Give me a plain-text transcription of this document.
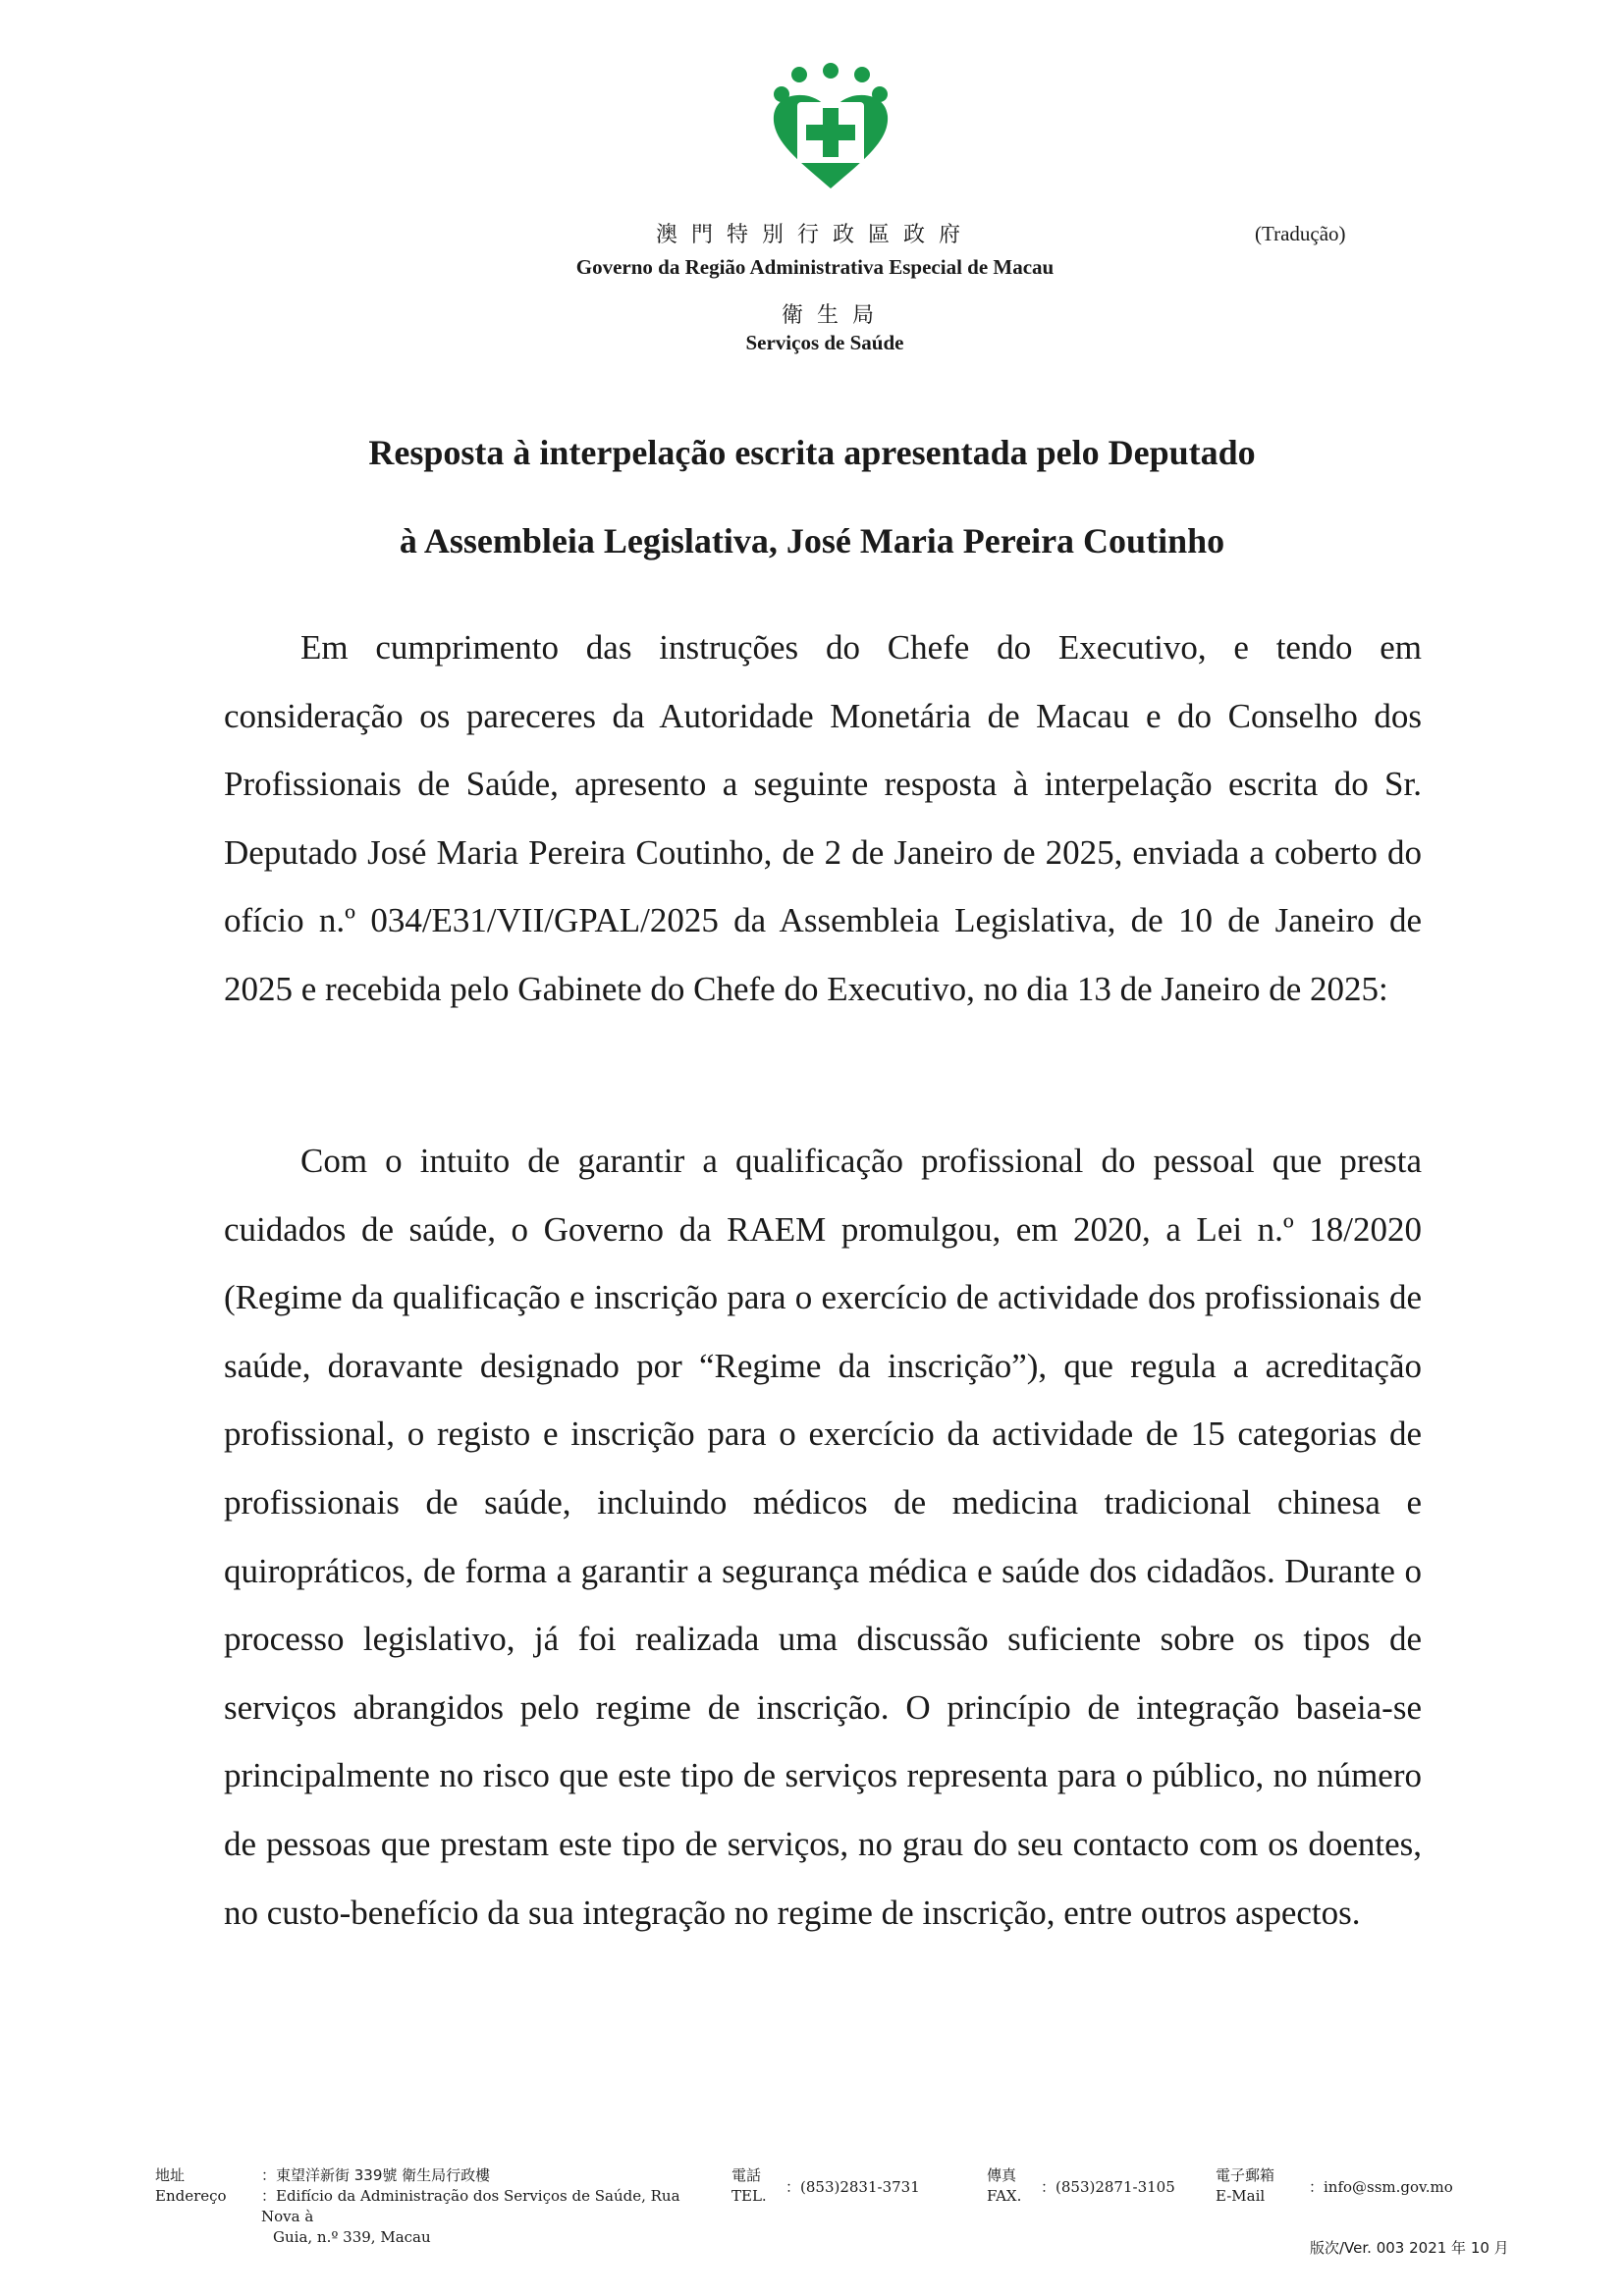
澳門特別行政區政府
Governo da Região Administrativa Especial de Macau
衛生局
Serviços de Saúde
(Tradução)
Resposta à interpelação escrita apresentada pelo Deputado
à Assembleia Legislativa, José Maria Pereira Coutinho

Em cumprimento das instruções do Chefe do Executivo, e tendo em consideração os pareceres da Autoridade Monetária de Macau e do Conselho dos Profissionais de Saúde, apresento a seguinte resposta à interpelação escrita do Sr. Deputado José Maria Pereira Coutinho, de 2 de Janeiro de 2025, enviada a coberto do ofício n.º 034/E31/VII/GPAL/2025 da Assembleia Legislativa, de 10 de Janeiro de 2025 e recebida pelo Gabinete do Chefe do Executivo, no dia 13 de Janeiro de 2025:

Com o intuito de garantir a qualificação profissional do pessoal que presta cuidados de saúde, o Governo da RAEM promulgou, em 2020, a Lei n.º 18/2020 (Regime da qualificação e inscrição para o exercício de actividade dos profissionais de saúde, doravante designado por “Regime da inscrição”), que regula a acreditação profissional, o registo e inscrição para o exercício da actividade de 15 categorias de profissionais de saúde, incluindo médicos de medicina tradicional chinesa e quiropráticos, de forma a garantir a segurança médica e saúde dos cidadãos. Durante o processo legislativo, já foi realizada uma discussão suficiente sobre os tipos de serviços abrangidos pelo regime de inscrição. O princípio de integração baseia-se principalmente no risco que este tipo de serviços representa para o público, no número de pessoas que prestam este tipo de serviços, no grau do seu contacto com os doentes, no custo-benefício da sua integração no regime de inscrição, entre outros aspectos.

地址
Endereço
：東望洋新街 339號 衛生局行政樓
：Edifício da Administração dos Serviços de Saúde, Rua Nova à
Guia, n.º 339, Macau
電話
TEL. ：(853)2831-3731
傳真
FAX. ：(853)2871-3105
電子郵箱
E-Mail	：info@ssm.gov.mo
版次/Ver. 003 2021 年 10 月
